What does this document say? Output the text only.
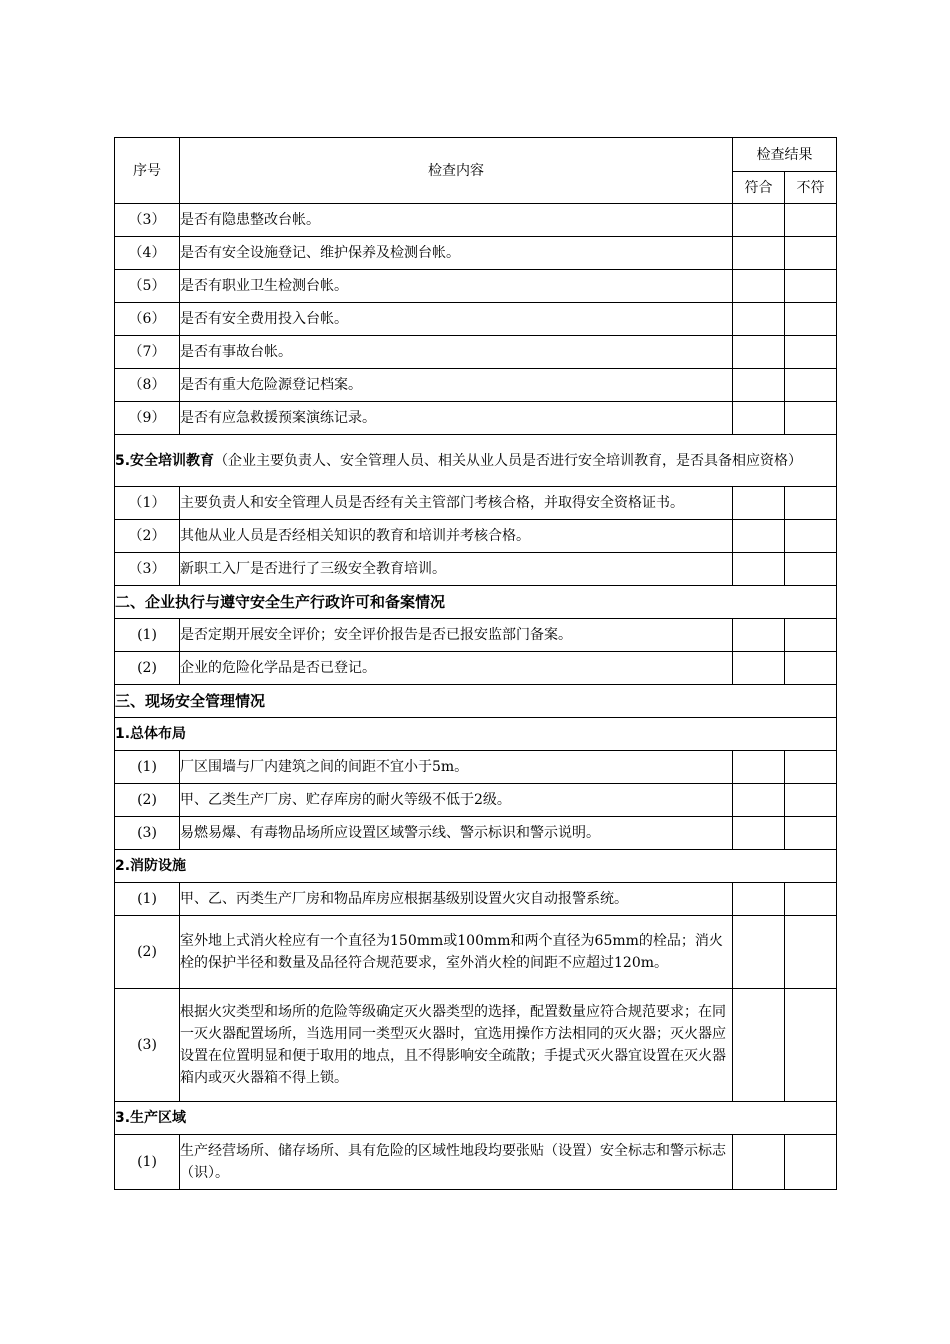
序号	检查内容	检查结果	
		符合	不符
（3）	是否有隐患整改台帐。		
（4）	是否有安全设施登记、维护保养及检测台帐。		
（5）	是否有职业卫生检测台帐。		
（6）	是否有安全费用投入台帐。		
（7）	是否有事故台帐。		
（8）	是否有重大危险源登记档案。		
（9）	是否有应急救援预案演练记录。		
5.安全培训教育（企业主要负责人、安全管理人员、相关从业人员是否进行安全培训教育，是否具备相应资格）			
（1）	主要负责人和安全管理人员是否经有关主管部门考核合格，并取得安全资格证书。		

（2）	其他从业人员是否经相关知识的教育和培训并考核合格。		
（3）	新职工入厂是否进行了三级安全教育培训。		
二、企业执行与遵守安全生产行政许可和备案情况			
(1)	是否定期开展安全评价；安全评价报告是否已报安监部门备案。		
(2)	企业的危险化学品是否已登记。		
三、现场安全管理情况			
1.总体布局			
(1)	厂区围墙与厂内建筑之间的间距不宜小于5m。		
(2)	甲、乙类生产厂房、贮存库房的耐火等级不低于2级。		
(3)	易燃易爆、有毒物品场所应设置区域警示线、警示标识和警示说明。		
2.消防设施			
(1)	甲、乙、丙类生产厂房和物品库房应根据基级别设置火灾自动报警系统。		
(2)	室外地上式消火栓应有一个直径为150mm或100mm和两个直径为65mm的栓品；消火栓的保护半径和数量及品径符合规范要求，室外消火栓的间距不应超过120m。		
(3)	根据火灾类型和场所的危险等级确定灭火器类型的选择，配置数量应符合规范要求；在同一灭火器配置场所，当选用同一类型灭火器时，宜选用操作方法相同的灭火器；灭火器应设置在位置明显和便于取用的地点，且不得影响安全疏散；手提式灭火器宜设置在灭火器箱内或灭火器箱不得上锁。		
3.生产区域			
(1)	生产经营场所、储存场所、具有危险的区域性地段均要张贴（设置）安全标志和警示标志（识）。		
